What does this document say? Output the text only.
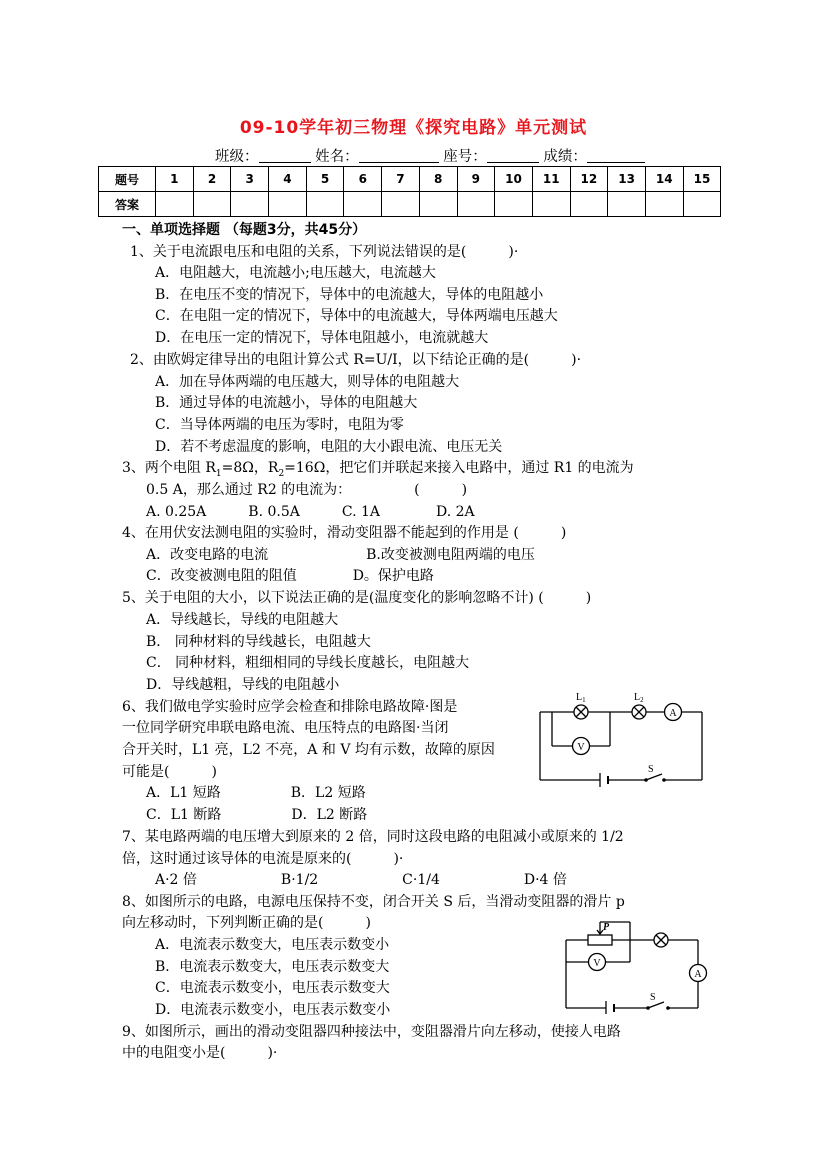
09-10学年初三物理《探究电路》单元测试
班级：	姓名：	座号：	成绩：
题号	1	2	3	4	5	6	7	8	9	10	11	12	13	14	15
答案															
一、单项选择题 （每题3分，共45分）
1、关于电流跟电压和电阻的关系，下列说法错误的是(　　　)·
A．电阻越大，电流越小;电压越大，电流越大
B．在电压不变的情况下，导体中的电流越大，导体的电阻越小
C．在电阻一定的情况下，导体中的电流越大，导体两端电压越大
D．在电压一定的情况下，导体电阻越小，电流就越大
2、由欧姆定律导出的电阻计算公式 R=U/I，以下结论正确的是(　　　)·
A．加在导体两端的电压越大，则导体的电阻越大
B．通过导体的电流越小，导体的电阻越大
C．当导体两端的电压为零时，电阻为零
D．若不考虑温度的影响，电阻的大小跟电流、电压无关
3、两个电阻 $R_1=8\Omega$，$R_2=16\Omega$，把它们并联起来接入电路中，通过 R1 的电流为
0.5 A，那么通过 R2 的电流为：　　　　　(　　　)
A. 0.25A　　　B. 0.5A　　　C. 1A　　　　D. 2A
4、在用伏安法测电阻的实验时，滑动变阻器不能起到的作用是 (　　　)
A．改变电路的电流　　　　　　　B.改变被测电阻两端的电压
C．改变被测电阻的阻值　　　　D。保护电路
5、关于电阻的大小，以下说法正确的是(温度变化的影响忽略不计) (　　　)
A．导线越长，导线的电阻越大
B． 同种材料的导线越长，电阻越大
C． 同种材料，粗细相同的导线长度越长，电阻越大
D．导线越粗，导线的电阻越小
6、我们做电学实验时应学会检查和排除电路故障·图是
一位同学研究串联电路电流、电压特点的电路图·当闭
合开关时，L1 亮，L2 不亮，A 和 V 均有示数，故障的原因
可能是(　　　)
A．L1 短路　　　　　B．L2 短路
C．L1 断路　　　　　D．L2 断路
$L_1$	$L_2$
A
V
S
7、某电路两端的电压增大到原来的 2 倍，同时这段电路的电阻减小或原来的 1/2
倍，这时通过该导体的电流是原来的(　　　)·
A·2 倍　　　　　　B·1/2　　　　　　C·1/4　　　　　　D·4 倍
8、如图所示的电路，电源电压保持不变，闭合开关 S 后，当滑动变阻器的滑片 p
向左移动时，下列判断正确的是(　　　)
A．电流表示数变大，电压表示数变小
B．电流表示数变大，电压表示数变大
C．电流表示数变小，电压表示数变大
D．电流表示数变小，电压表示数变小
P
V
A
S
9、如图所示，画出的滑动变阻器四种接法中，变阻器滑片向左移动，使接人电路
中的电阻变小是(　　　)·
